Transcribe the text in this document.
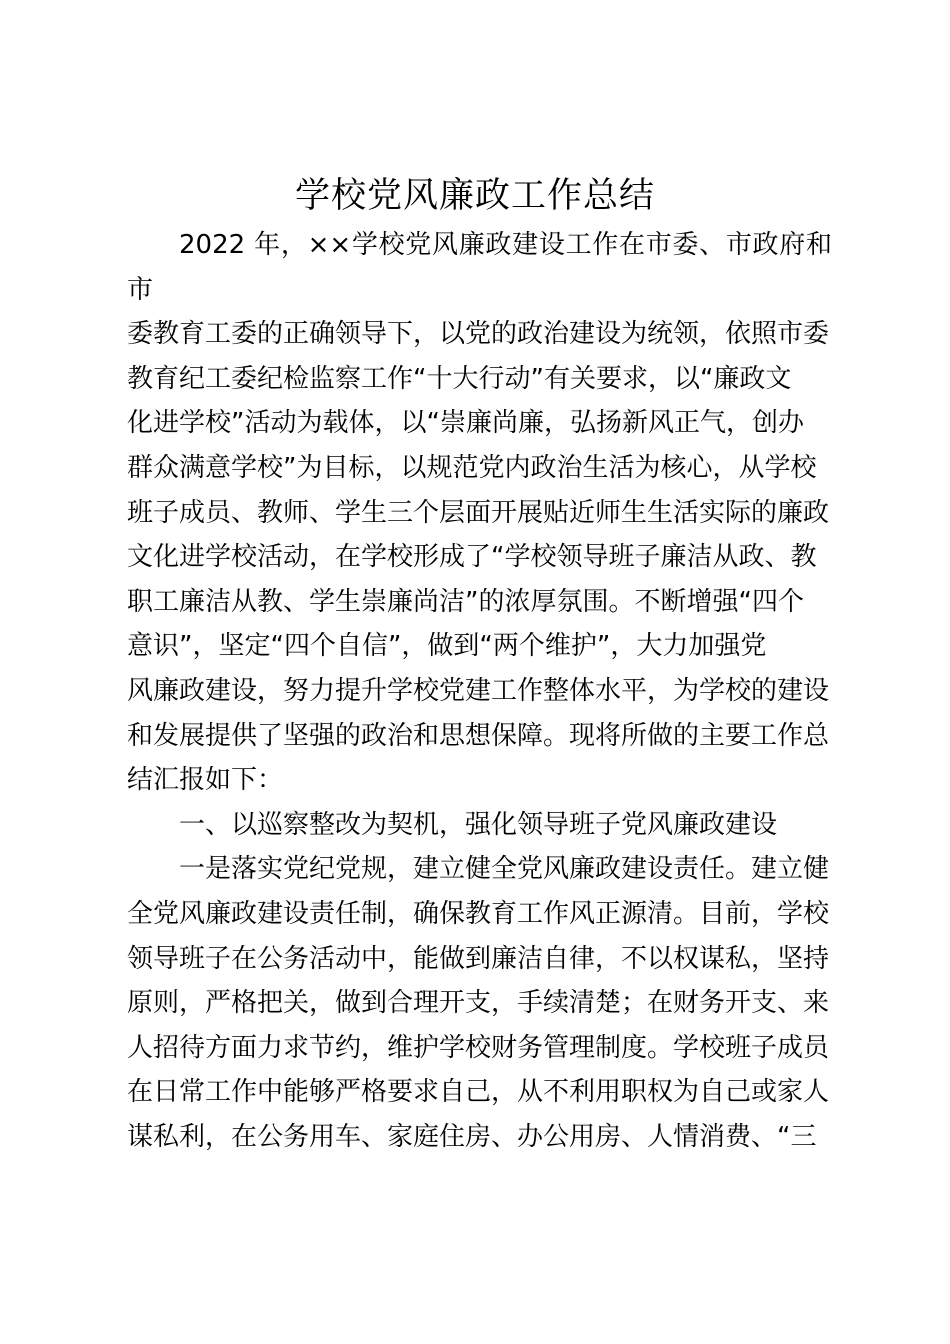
学校党风廉政工作总结

2022 年，××学校党风廉政建设工作在市委、市政府和市
委教育工委的正确领导下，以党的政治建设为统领，依照市委
教育纪工委纪检监察工作“十大行动”有关要求，以“廉政文
化进学校”活动为载体，以“崇廉尚廉，弘扬新风正气，创办
群众满意学校”为目标，以规范党内政治生活为核心，从学校
班子成员、教师、学生三个层面开展贴近师生生活实际的廉政
文化进学校活动，在学校形成了“学校领导班子廉洁从政、教
职工廉洁从教、学生崇廉尚洁”的浓厚氛围。不断增强“四个
意识”，坚定“四个自信”，做到“两个维护”，大力加强党
风廉政建设，努力提升学校党建工作整体水平，为学校的建设
和发展提供了坚强的政治和思想保障。现将所做的主要工作总
结汇报如下：

一、以巡察整改为契机，强化领导班子党风廉政建设

一是落实党纪党规，建立健全党风廉政建设责任。建立健
全党风廉政建设责任制，确保教育工作风正源清。目前，学校
领导班子在公务活动中，能做到廉洁自律，不以权谋私，坚持
原则，严格把关，做到合理开支，手续清楚；在财务开支、来
人招待方面力求节约，维护学校财务管理制度。学校班子成员
在日常工作中能够严格要求自己，从不利用职权为自己或家人
谋私利，在公务用车、家庭住房、办公用房、人情消费、“三
